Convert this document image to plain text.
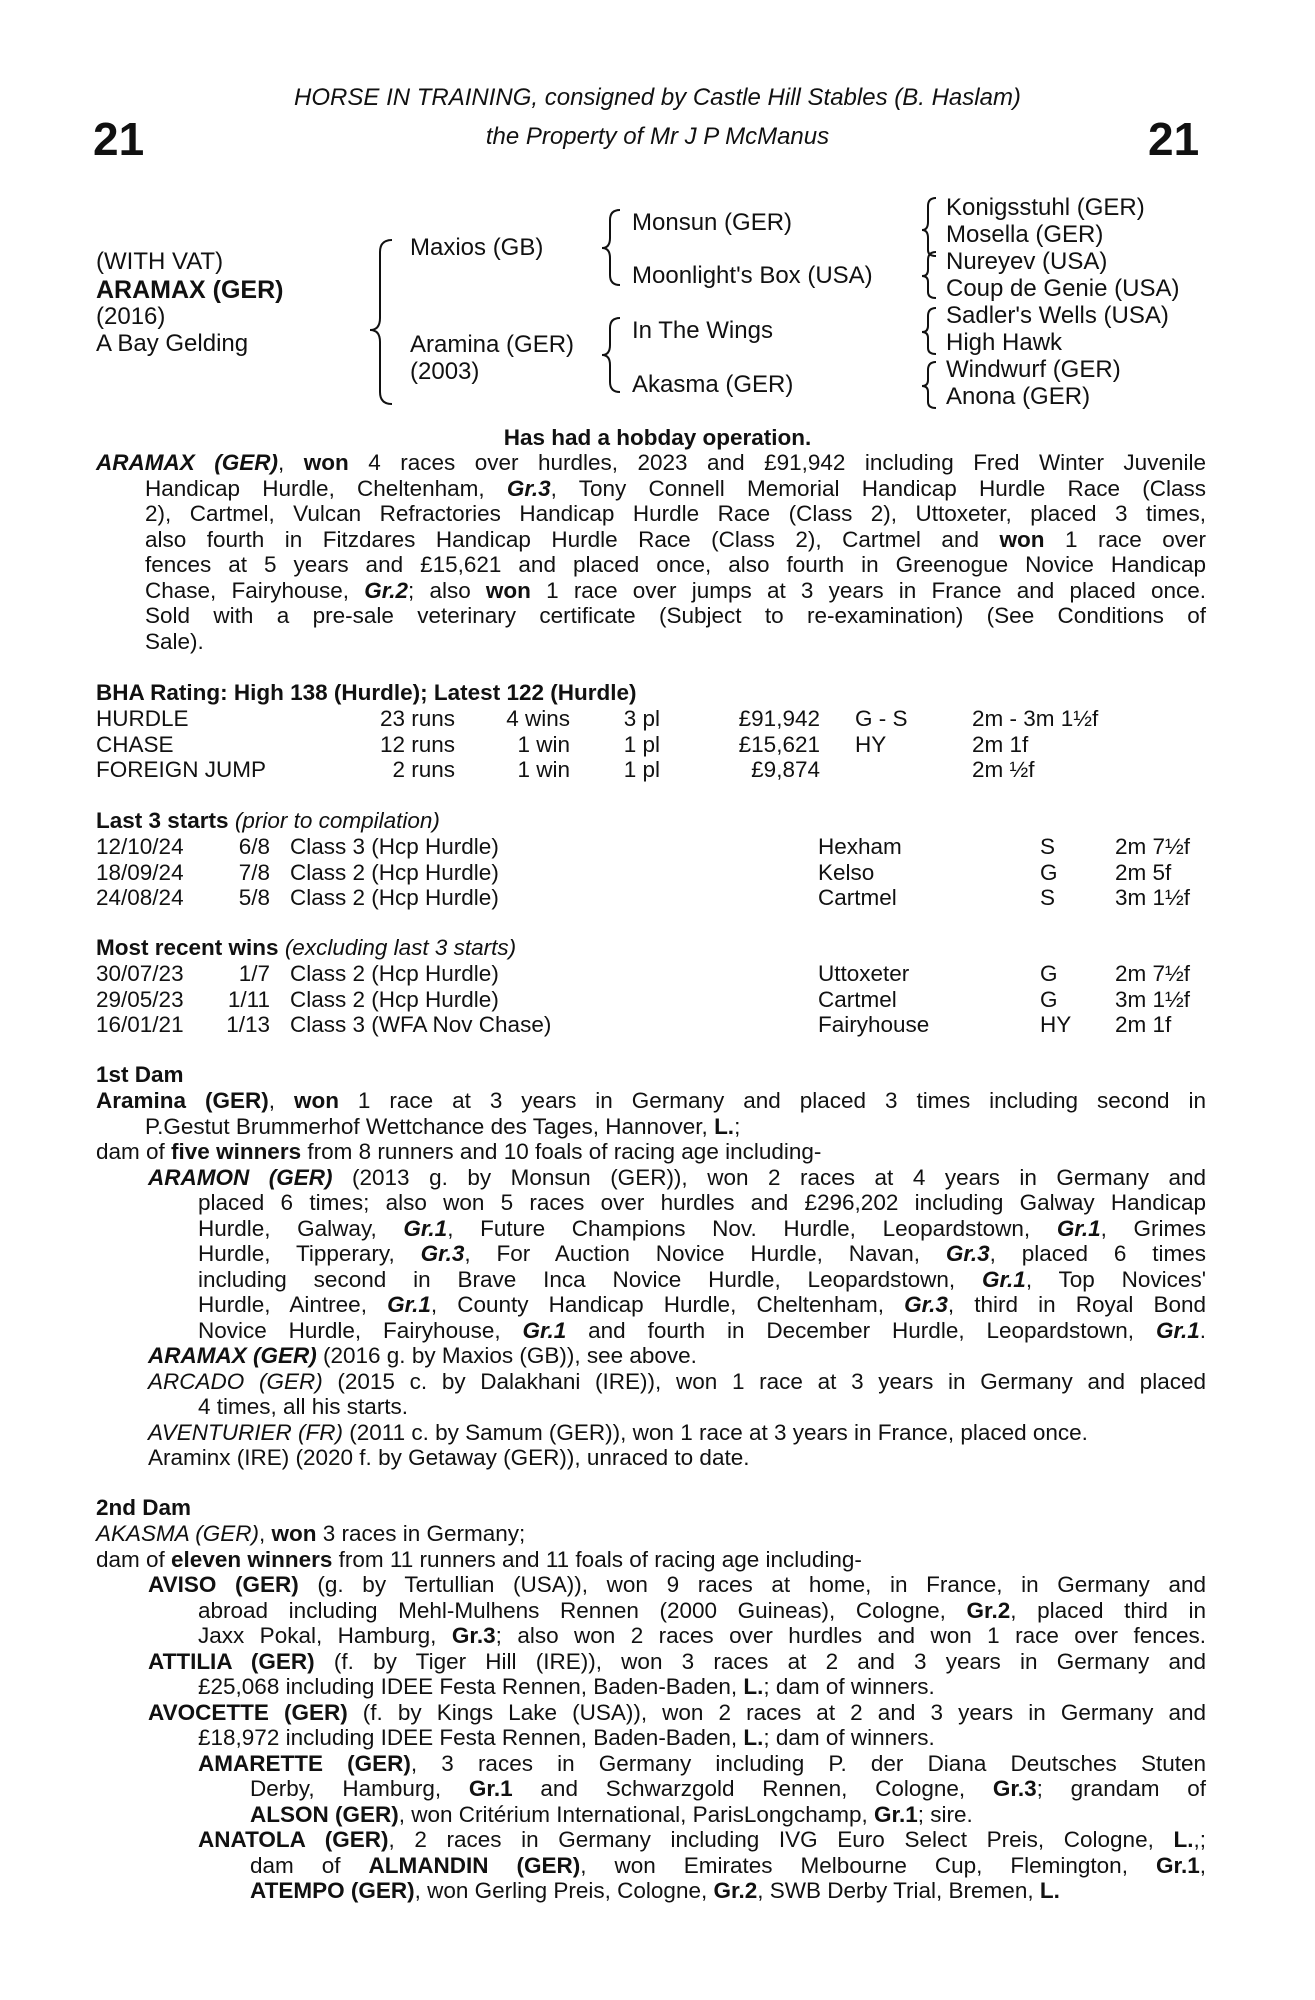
21	21
HORSE IN TRAINING, consigned by Castle Hill Stables (B. Haslam)
the Property of Mr J P McManus
(WITH VAT)
ARAMAX (GER)
(2016)
A Bay Gelding
Maxios (GB)
Aramina (GER)
(2003)
Monsun (GER)
Moonlight's Box (USA)
In The Wings
Akasma (GER)
Konigsstuhl (GER)
Mosella (GER)
Nureyev (USA)
Coup de Genie (USA)
Sadler's Wells (USA)
High Hawk
Windwurf (GER)
Anona (GER)
Has had a hobday operation.
ARAMAX (GER), won 4 races over hurdles, 2023 and £91,942 including Fred Winter Juvenile
Handicap Hurdle, Cheltenham, Gr.3, Tony Connell Memorial Handicap Hurdle Race (Class
2), Cartmel, Vulcan Refractories Handicap Hurdle Race (Class 2), Uttoxeter, placed 3 times,
also fourth in Fitzdares Handicap Hurdle Race (Class 2), Cartmel and won 1 race over
fences at 5 years and £15,621 and placed once, also fourth in Greenogue Novice Handicap
Chase, Fairyhouse, Gr.2; also won 1 race over jumps at 3 years in France and placed once.
Sold with a pre-sale veterinary certificate (Subject to re-examination) (See Conditions of
Sale).
BHA Rating: High 138 (Hurdle); Latest 122 (Hurdle)
HURDLE	23 runs	4 wins	3 pl	£91,942 G - S	2m - 3m 1½f
CHASE	12 runs	1 win	1 pl	£15,621 HY	2m 1f
FOREIGN JUMP	2 runs	1 win	1 pl	£9,874	2m ½f
Last 3 starts (prior to compilation)
12/10/24	6/8 Class 3 (Hcp Hurdle)	Hexham	S	2m 7½f
18/09/24	7/8 Class 2 (Hcp Hurdle)	Kelso	G	2m 5f
24/08/24	5/8 Class 2 (Hcp Hurdle)	Cartmel	S	3m 1½f
Most recent wins (excluding last 3 starts)
30/07/23	1/7 Class 2 (Hcp Hurdle)	Uttoxeter	G	2m 7½f
29/05/23	1/11 Class 2 (Hcp Hurdle)	Cartmel	G	3m 1½f
16/01/21	1/13 Class 3 (WFA Nov Chase)	Fairyhouse	HY 2m 1f
1st Dam
Aramina (GER), won 1 race at 3 years in Germany and placed 3 times including second in
P.Gestut Brummerhof Wettchance des Tages, Hannover, L.;
dam of five winners from 8 runners and 10 foals of racing age including-
ARAMON (GER) (2013 g. by Monsun (GER)), won 2 races at 4 years in Germany and
placed 6 times; also won 5 races over hurdles and £296,202 including Galway Handicap
Hurdle, Galway, Gr.1, Future Champions Nov. Hurdle, Leopardstown, Gr.1, Grimes
Hurdle, Tipperary, Gr.3, For Auction Novice Hurdle, Navan, Gr.3, placed 6 times
including second in Brave Inca Novice Hurdle, Leopardstown, Gr.1, Top Novices'
Hurdle, Aintree, Gr.1, County Handicap Hurdle, Cheltenham, Gr.3, third in Royal Bond
Novice Hurdle, Fairyhouse, Gr.1 and fourth in December Hurdle, Leopardstown, Gr.1.
ARAMAX (GER) (2016 g. by Maxios (GB)), see above.
ARCADO (GER) (2015 c. by Dalakhani (IRE)), won 1 race at 3 years in Germany and placed
4 times, all his starts.
AVENTURIER (FR) (2011 c. by Samum (GER)), won 1 race at 3 years in France, placed once.
Araminx (IRE) (2020 f. by Getaway (GER)), unraced to date.
2nd Dam
AKASMA (GER), won 3 races in Germany;
dam of eleven winners from 11 runners and 11 foals of racing age including-
AVISO (GER) (g. by Tertullian (USA)), won 9 races at home, in France, in Germany and
abroad including Mehl-Mulhens Rennen (2000 Guineas), Cologne, Gr.2, placed third in
Jaxx Pokal, Hamburg, Gr.3; also won 2 races over hurdles and won 1 race over fences.
ATTILIA (GER) (f. by Tiger Hill (IRE)), won 3 races at 2 and 3 years in Germany and
£25,068 including IDEE Festa Rennen, Baden-Baden, L.; dam of winners.
AVOCETTE (GER) (f. by Kings Lake (USA)), won 2 races at 2 and 3 years in Germany and
£18,972 including IDEE Festa Rennen, Baden-Baden, L.; dam of winners.
AMARETTE (GER), 3 races in Germany including P. der Diana Deutsches Stuten
Derby, Hamburg, Gr.1 and Schwarzgold Rennen, Cologne, Gr.3; grandam of
ALSON (GER), won Critérium International, ParisLongchamp, Gr.1; sire.
ANATOLA (GER), 2 races in Germany including IVG Euro Select Preis, Cologne, L.,;
dam of ALMANDIN (GER), won Emirates Melbourne Cup, Flemington, Gr.1,
ATEMPO (GER), won Gerling Preis, Cologne, Gr.2, SWB Derby Trial, Bremen, L.
